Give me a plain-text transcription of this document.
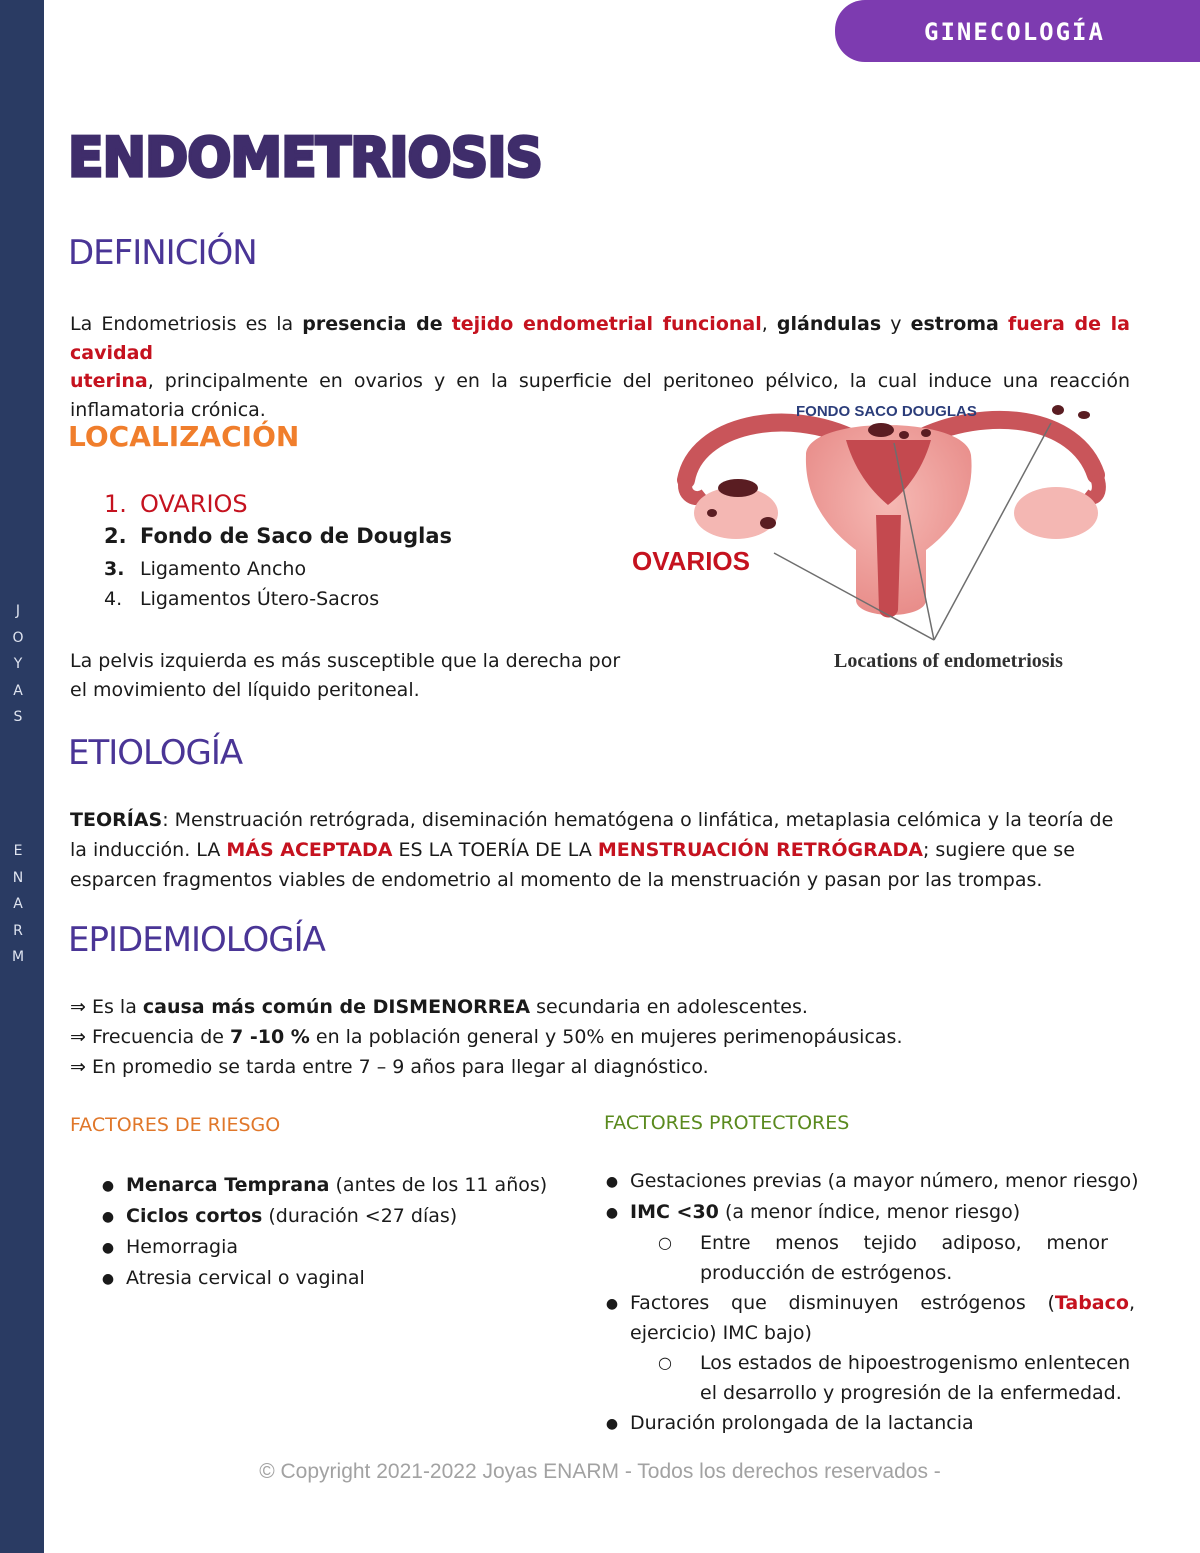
J
O
Y
A
S
E
N
A
R
M
GINECOLOGÍA
ENDOMETRIOSIS
DEFINICIÓN
La Endometriosis es la presencia de tejido endometrial funcional, glándulas y estroma fuera de la cavidad
uterina, principalmente en ovarios y en la superficie del peritoneo pélvico, la cual induce una reacción inflamatoria crónica.
LOCALIZACIÓN
1. OVARIOS
2. Fondo de Saco de Douglas
3. Ligamento Ancho
4. Ligamentos Útero-Sacros
La pelvis izquierda es más susceptible que la derecha por el movimiento del líquido peritoneal.
FONDO SACO DOUGLAS
OVARIOS
Locations of endometriosis
ETIOLOGÍA
TEORÍAS: Menstruación retrógrada, diseminación hematógena o linfática, metaplasia celómica y la teoría de la inducción. LA MÁS ACEPTADA ES LA TOERÍA DE LA MENSTRUACIÓN RETRÓGRADA; sugiere que se esparcen fragmentos viables de endometrio al momento de la menstruación y pasan por las trompas.
EPIDEMIOLOGÍA
⇒ Es la causa más común de DISMENORREA secundaria en adolescentes.
⇒ Frecuencia de 7 -10 % en la población general y 50% en mujeres perimenopáusicas.
⇒ En promedio se tarda entre 7 – 9 años para llegar al diagnóstico.
FACTORES DE RIESGO
● Menarca Temprana (antes de los 11 años)
● Ciclos cortos (duración <27 días)
● Hemorragia
● Atresia cervical o vaginal
FACTORES PROTECTORES
● Gestaciones previas (a mayor número, menor riesgo)
● IMC <30 (a menor índice, menor riesgo)
○	Entre menos tejido adiposo, menor producción de estrógenos.
● Factores que disminuyen estrógenos (Tabaco, ejercicio) IMC bajo)
○	Los estados de hipoestrogenismo enlentecen el desarrollo y progresión de la enfermedad.
● Duración prolongada de la lactancia
© Copyright 2021-2022 Joyas ENARM - Todos los derechos reservados -
